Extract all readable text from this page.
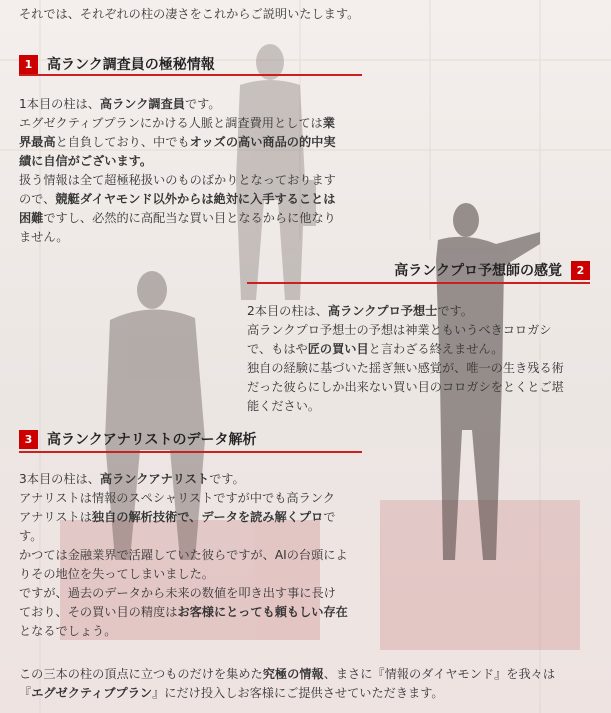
それでは、それぞれの柱の凄さをこれからご説明いたします。

1	高ランク調査員の極秘情報

1本目の柱は、高ランク調査員です。

エグゼクティブプランにかける人脈と調査費用としては業

界最高と自負しており、中でもオッズの高い商品の的中実

績に自信がございます。

扱う情報は全て超極秘扱いのものばかりとなっております

ので、競艇ダイヤモンド以外からは絶対に入手することは

困難ですし、必然的に高配当な買い目となるからに他なり

ません。

高ランクプロ予想師の感覚	2

2本目の柱は、高ランクプロ予想士です。

高ランクプロ予想士の予想は神業ともいうべきコロガシ

で、もはや匠の買い目と言わざる終えません。

独自の経験に基づいた揺ぎ無い感覚が、唯一の生き残る術

だった彼らにしか出来ない買い目のコロガシをとくとご堪

能ください。

3	高ランクアナリストのデータ解析

3本目の柱は、高ランクアナリストです。

アナリストは情報のスペシャリストですが中でも高ランク

アナリストは独自の解析技術で、データを読み解くプロで

す。

かつては金融業界で活躍していた彼らですが、AIの台頭によ

りその地位を失ってしまいました。

ですが、過去のデータから未来の数値を叩き出す事に長け

ており、その買い目の精度はお客様にとっても頼もしい存在

となるでしょう。

この三本の柱の頂点に立つものだけを集めた究極の情報、まさに『情報のダイヤモンド』を我々は

『エグゼクティブプラン』にだけ投入しお客様にご提供させていただきます。
